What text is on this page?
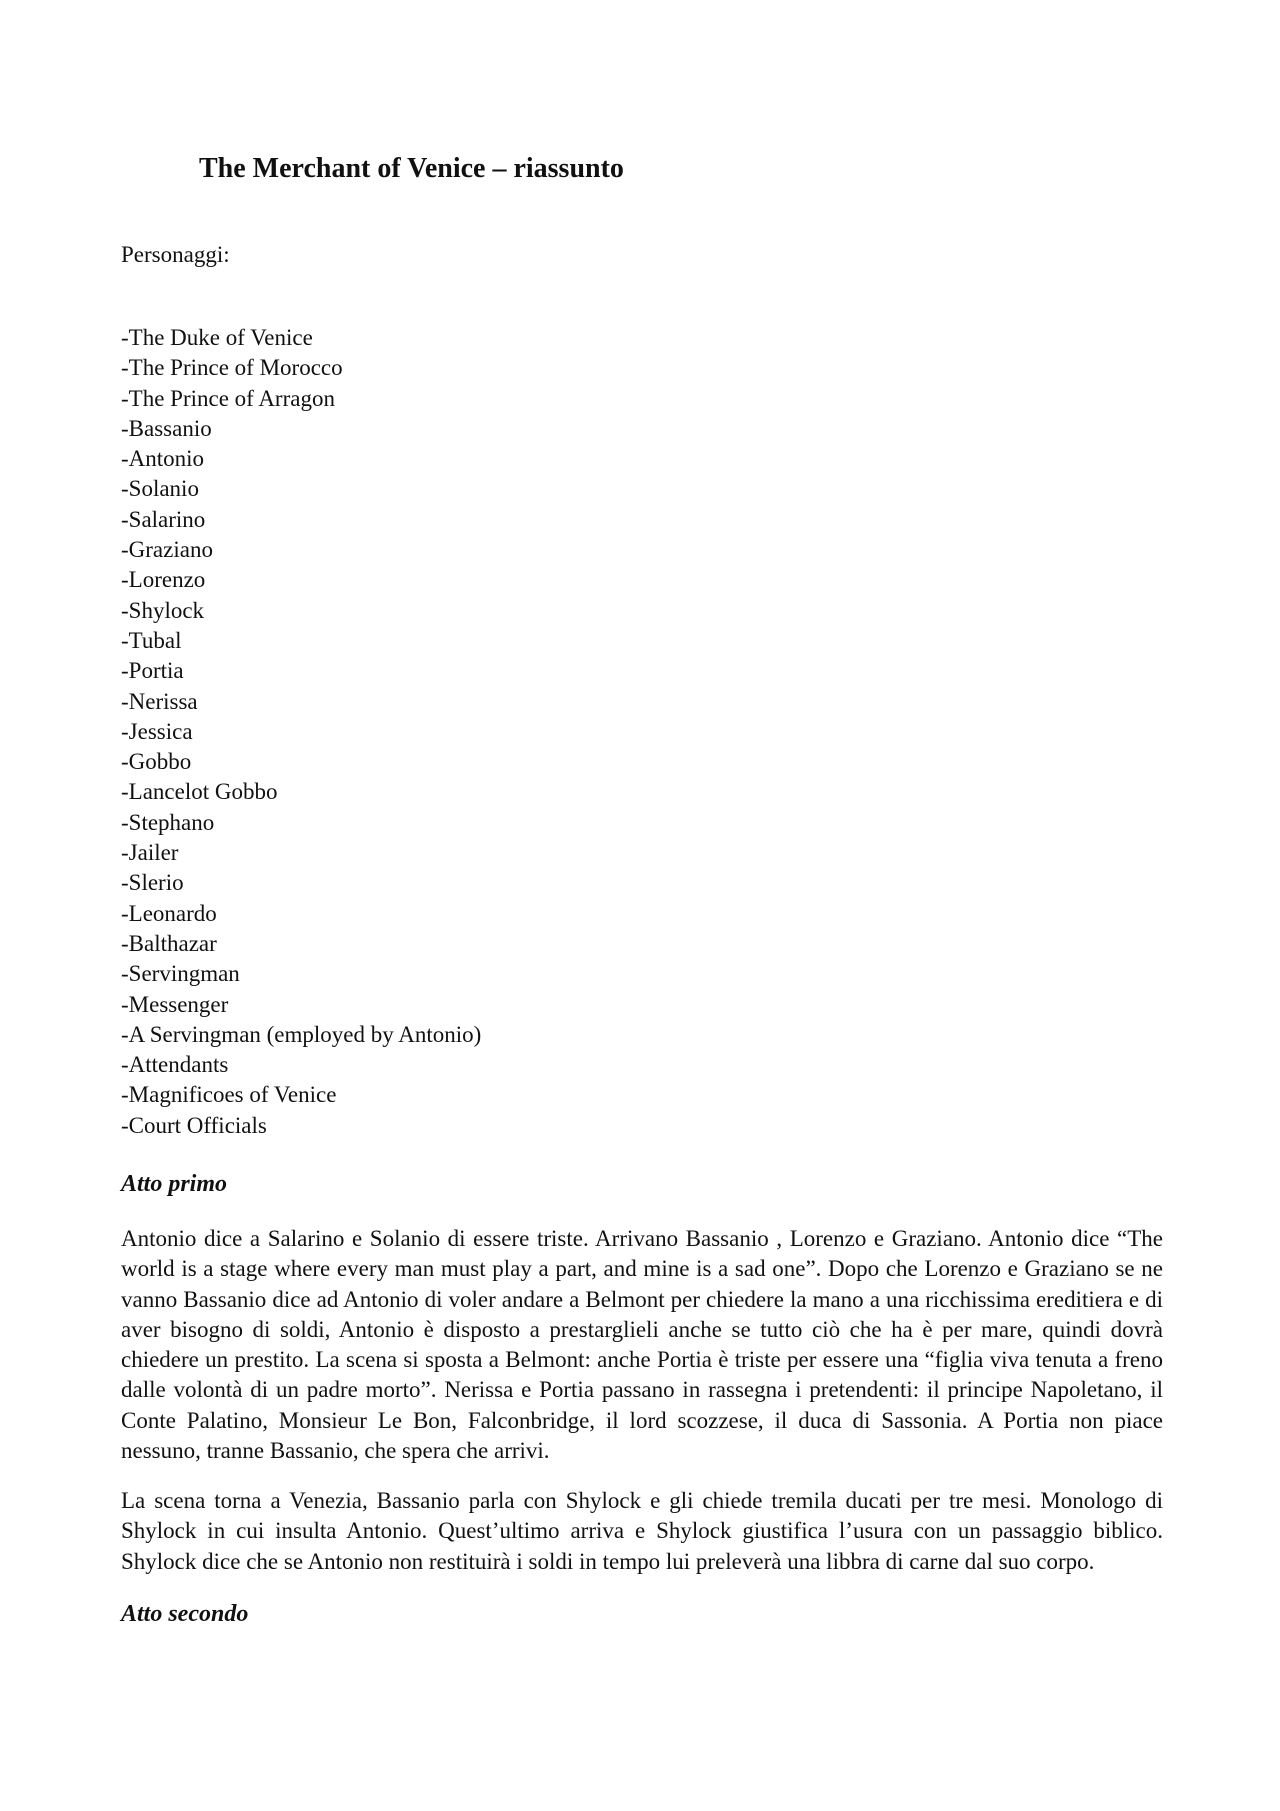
The Merchant of Venice – riassunto

Personaggi:

-The Duke of Venice
-The Prince of Morocco
-The Prince of Arragon
-Bassanio
-Antonio
-Solanio
-Salarino
-Graziano
-Lorenzo
-Shylock
-Tubal
-Portia
-Nerissa
-Jessica
-Gobbo
-Lancelot Gobbo
-Stephano
-Jailer
-Slerio
-Leonardo
-Balthazar
-Servingman
-Messenger
-A Servingman (employed by Antonio)
-Attendants
-Magnificoes of Venice
-Court Officials
Atto primo

Antonio dice a Salarino e Solanio di essere triste. Arrivano Bassanio , Lorenzo e Graziano. Antonio dice “The world is a stage where every man must play a part, and mine is a sad one”. Dopo che Lorenzo e Graziano se ne vanno Bassanio dice ad Antonio di voler andare a Belmont per chiedere la mano a una ricchissima ereditiera e di aver bisogno di soldi, Antonio è disposto a prestarglieli anche se tutto ciò che ha è per mare, quindi dovrà chiedere un prestito. La scena si sposta a Belmont: anche Portia è triste per essere una “figlia viva tenuta a freno dalle volontà di un padre morto”. Nerissa e Portia passano in rassegna i pretendenti: il principe Napoletano, il Conte Palatino, Monsieur Le Bon, Falconbridge, il lord scozzese, il duca di Sassonia. A Portia non piace nessuno, tranne Bassanio, che spera che arrivi.

La scena torna a Venezia, Bassanio parla con Shylock e gli chiede tremila ducati per tre mesi. Monologo di Shylock in cui insulta Antonio. Quest’ultimo arriva e Shylock giustifica l’usura con un passaggio biblico. Shylock dice che se Antonio non restituirà i soldi in tempo lui preleverà una libbra di carne dal suo corpo.

Atto secondo
